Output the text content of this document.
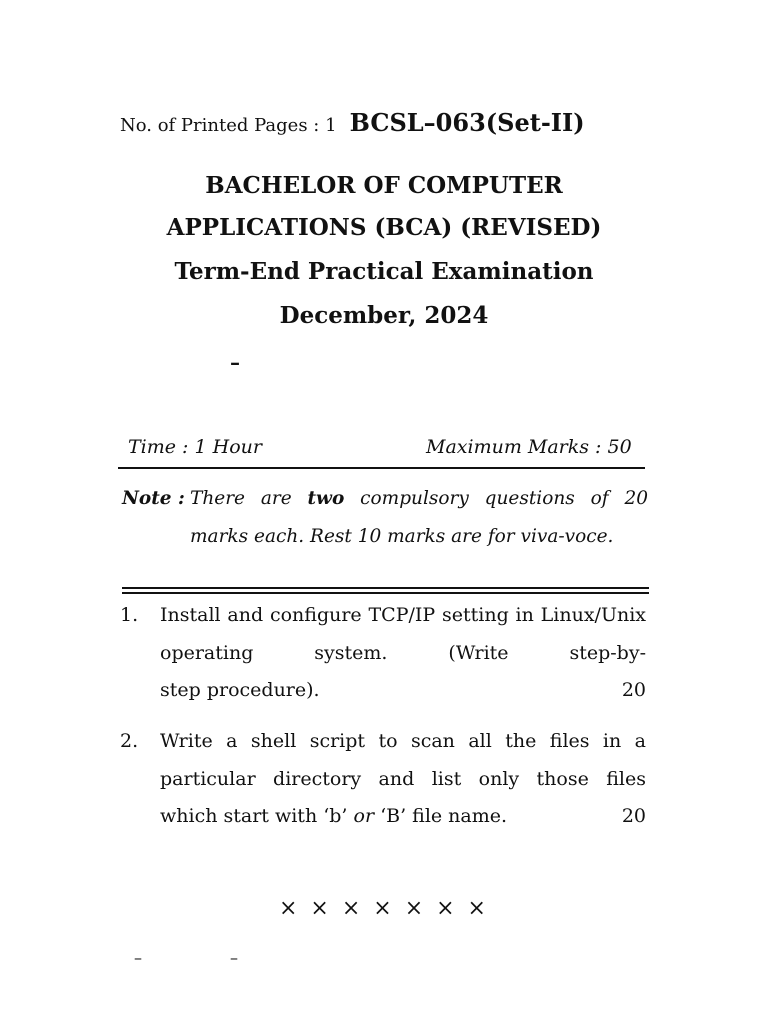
No. of Printed Pages : 1 BCSL–063(Set-II)
BACHELOR OF COMPUTER
APPLICATIONS (BCA) (REVISED)
Term-End Practical Examination
December, 2024
–
Time : 1 Hour	Maximum Marks : 50
Note : There are two compulsory questions of 20 marks each. Rest 10 marks are for viva-voce.
1. Install and configure TCP/IP setting in Linux/Unix operating system. (Write step-by-
step procedure).	20
2. Write a shell script to scan all the files in a particular directory and list only those files
which start with ‘b’ or ‘B’ file name.	20
× × × × × × ×
–	–
